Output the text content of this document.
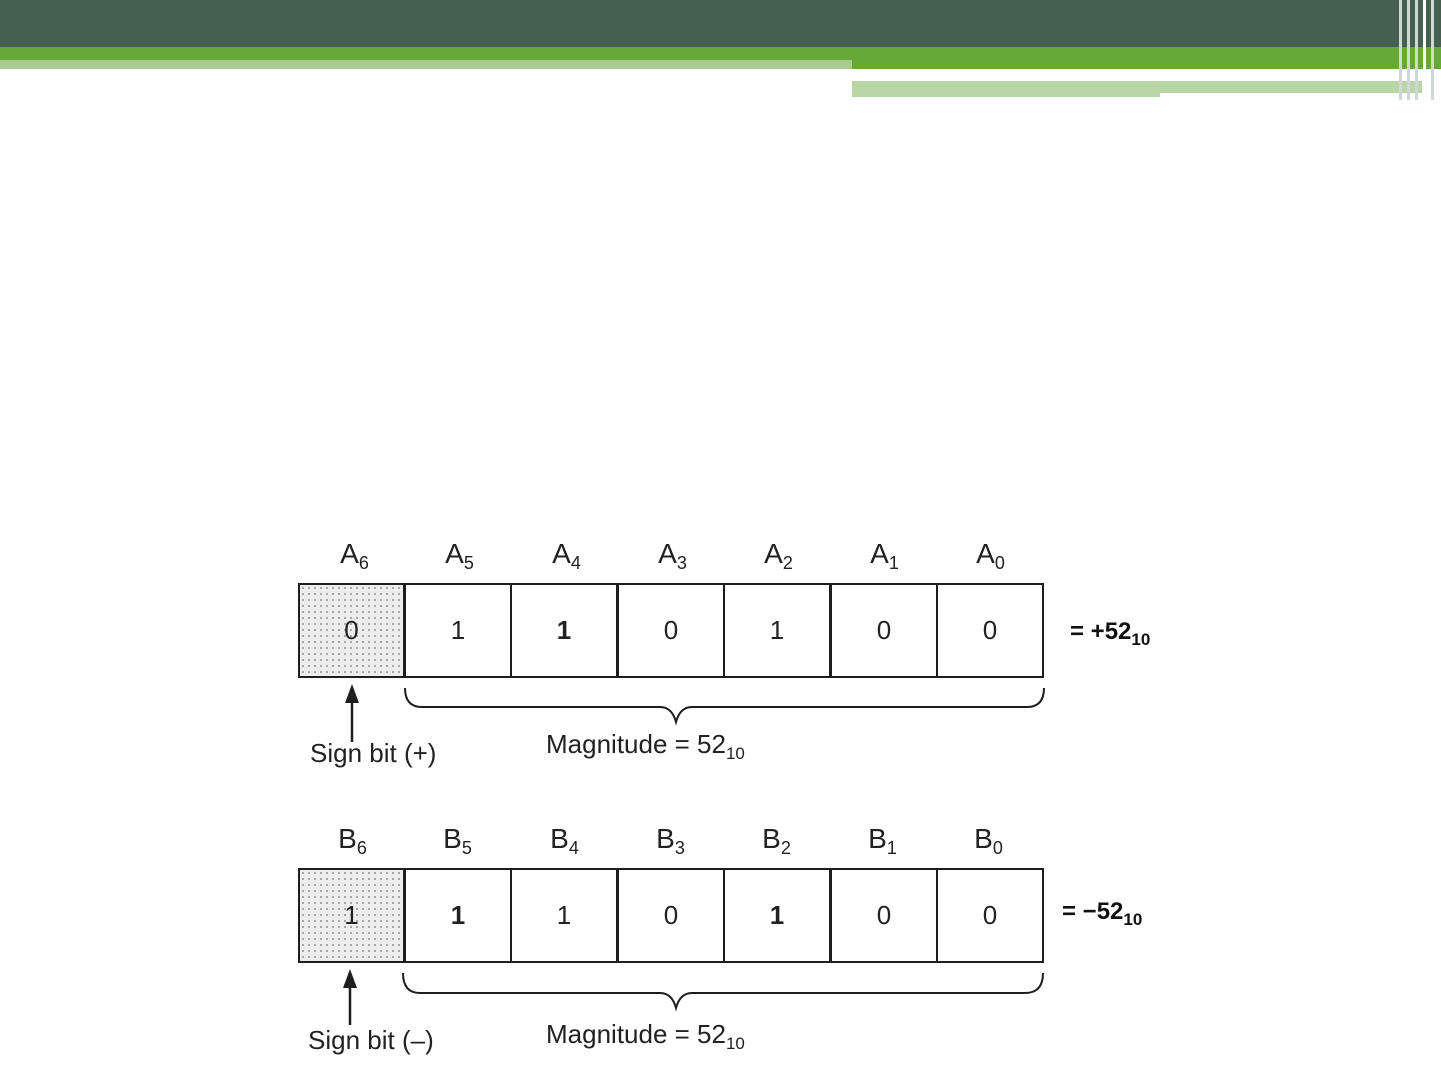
$A_6$	$A_5$	$A_4$	$A_3$	$A_2$	$A_1$	$A_0$
0	1	1	0	1	0	0	= $+52_{10}$
Sign bit (+)	Magnitude = $52_{10}$
$B_6$	$B_5$	$B_4$	$B_3$	$B_2$	$B_1$	$B_0$
1	1	1	0	1	0	0	= $-52_{10}$
Sign bit (–)	Magnitude = $52_{10}$
